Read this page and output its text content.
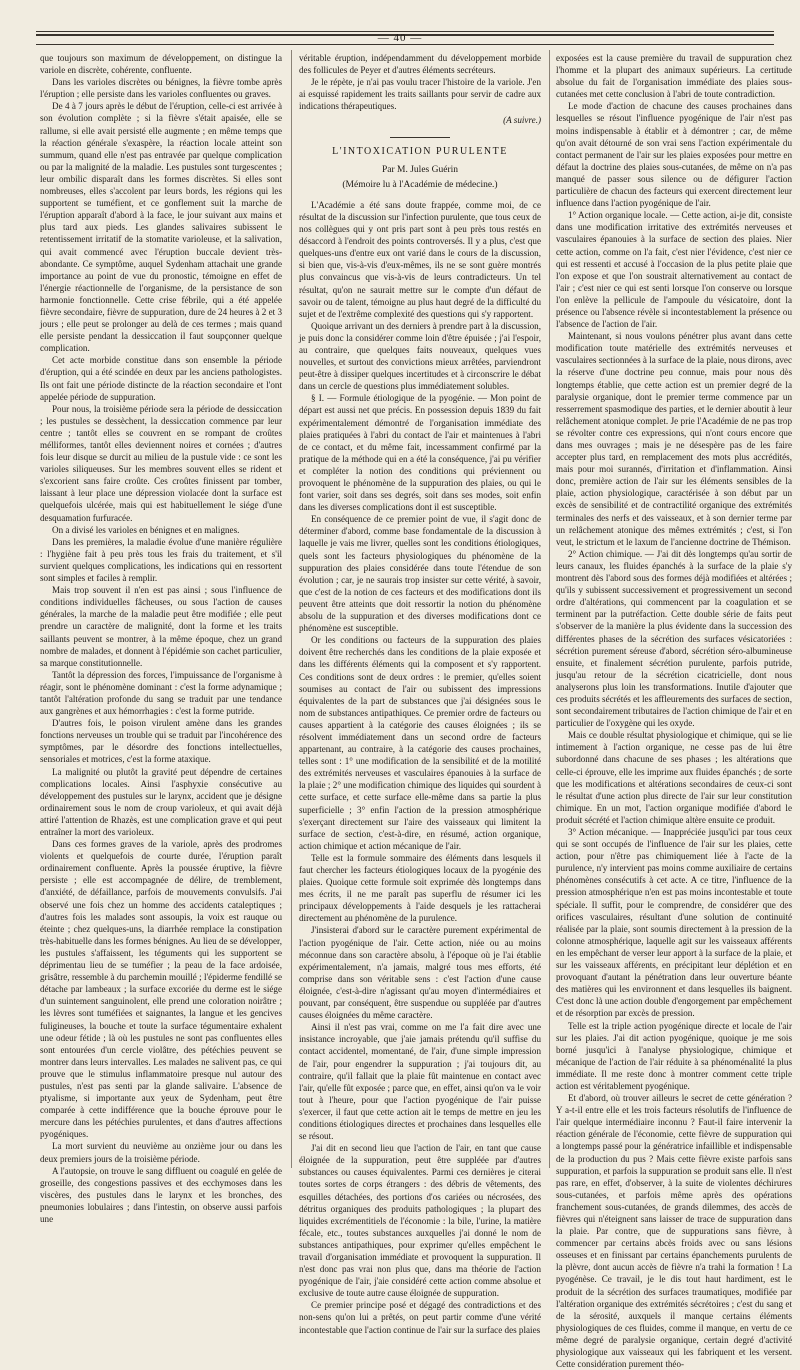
— 40 —

que toujours son maximum de développement, on distingue la variole en discrète, cohérente, confluente.

Dans les varioles discrètes ou bénignes, la fièvre tombe après l'éruption ; elle persiste dans les varioles confluentes ou graves.

De 4 à 7 jours après le début de l'éruption, celle-ci est arrivée à son évolution complète ; si la fièvre s'était apaisée, elle se rallume, si elle avait persisté elle augmente ; en même temps que la réaction générale s'exaspère, la réaction locale atteint son summum, quand elle n'est pas entravée par quelque complication ou par la malignité de la maladie. Les pustules sont turgescentes ; leur ombilic disparaît dans les formes discrètes. Si elles sont nombreuses, elles s'accolent par leurs bords, les régions qui les supportent se tuméfient, et ce gonflement suit la marche de l'éruption apparaît d'abord à la face, le jour suivant aux mains et plus tard aux pieds. Les glandes salivaires subissent le retentissement irritatif de la stomatite varioleuse, et la salivation, qui avait commencé avec l'éruption buccale devient très-abondante. Ce symptôme, auquel Sydenham attachait une grande importance au point de vue du pronostic, témoigne en effet de l'énergie réactionnelle de l'organisme, de la persistance de son harmonie fonctionnelle. Cette crise fébrile, qui a été appelée fièvre secondaire, fièvre de suppuration, dure de 24 heures à 2 et 3 jours ; elle peut se prolonger au delà de ces termes ; mais quand elle persiste pendant la dessiccation il faut soupçonner quelque complication.

Cet acte morbide constitue dans son ensemble la période d'éruption, qui a été scindée en deux par les anciens pathologistes. Ils ont fait une période distincte de la réaction secondaire et l'ont appelée période de suppuration.

Pour nous, la troisième période sera la période de dessiccation ; les pustules se dessèchent, la dessiccation commence par leur centre ; tantôt elles se couvrent en se rompant de croûtes mélliformes, tantôt elles deviennent noires et cornées ; d'autres fois leur disque se durcit au milieu de la pustule vide : ce sont les varioles siliqueuses. Sur les membres souvent elles se rident et s'excorient sans faire croûte. Ces croûtes finissent par tomber, laissant à leur place une dépression violacée dont la surface est quelquefois ulcérée, mais qui est habituellement le siége d'une desquamation furfuracée.

On a divisé les varioles en bénignes et en malignes.

Dans les premières, la maladie évolue d'une manière régulière : l'hygiène fait à peu près tous les frais du traitement, et s'il survient quelques complications, les indications qui en ressortent sont simples et faciles à remplir.

Mais trop souvent il n'en est pas ainsi ; sous l'influence de conditions individuelles fâcheuses, ou sous l'action de causes générales, la marche de la maladie peut être modifiée ; elle peut prendre un caractère de malignité, dont la forme et les traits saillants peuvent se montrer, à la même époque, chez un grand nombre de malades, et donnent à l'épidémie son cachet particulier, sa marque constitutionnelle.

Tantôt la dépression des forces, l'impuissance de l'organisme à réagir, sont le phénomène dominant : c'est la forme adynamique ; tantôt l'altération profonde du sang se traduit par une tendance aux gangrènes et aux hémorrhagies : c'est la forme putride.

D'autres fois, le poison virulent amène dans les grandes fonctions nerveuses un trouble qui se traduit par l'incohérence des symptômes, par le désordre des fonctions intellectuelles, sensoriales et motrices, c'est la forme ataxique.

La malignité ou plutôt la gravité peut dépendre de certaines complications locales. Ainsi l'asphyxie consécutive au développement des pustules sur le larynx, accident que je désigne ordinairement sous le nom de croup varioleux, et qui avait déjà attiré l'attention de Rhazès, est une complication grave et qui peut entraîner la mort des varioleux.

Dans ces formes graves de la variole, après des prodromes violents et quelquefois de courte durée, l'éruption paraît ordinairement confluente. Après la poussée éruptive, la fièvre persiste ; elle est accompagnée de délire, de tremblement, d'anxiété, de défaillance, parfois de mouvements convulsifs. J'ai observé une fois chez un homme des accidents cataleptiques ; d'autres fois les malades sont assoupis, la voix est rauque ou éteinte ; chez quelques-uns, la diarrhée remplace la constipation très-habituelle dans les formes bénignes. Au lieu de se développer, les pustules s'affaissent, les téguments qui les supportent se déprimentau lieu de se tuméfier ; la peau de la face ardoisée, grisâtre, ressemble à du parchemin mouillé ; l'épiderme fendillé se détache par lambeaux ; la surface excoriée du derme est le siége d'un suintement sanguinolent, elle prend une coloration noirâtre ; les lèvres sont tuméfiées et saignantes, la langue et les gencives fuligineuses, la bouche et toute la surface tégumentaire exhalent une odeur fétide ; là où les pustules ne sont pas confluentes elles sont entourées d'un cercle violâtre, des pétéchies peuvent se montrer dans leurs intervalles. Les malades ne salivent pas, ce qui prouve que le stimulus inflammatoire presque nul autour des pustules, n'est pas senti par la glande salivaire. L'absence de ptyalisme, si importante aux yeux de Sydenham, peut être comparée à cette indifférence que la bouche éprouve pour le mercure dans les pétéchies purulentes, et dans d'autres affections pyogéniques.

La mort survient du neuvième au onzième jour ou dans les deux premiers jours de la troisième période.

A l'autopsie, on trouve le sang diffluent ou coagulé en gelée de groseille, des congestions passives et des ecchymoses dans les viscères, des pustules dans le larynx et les bronches, des pneumonies lobulaires ; dans l'intestin, on observe aussi parfois une

véritable éruption, indépendamment du développement morbide des follicules de Peyer et d'autres éléments secréteurs.

Je le répète, je n'ai pas voulu tracer l'histoire de la variole. J'en ai esquissé rapidement les traits saillants pour servir de cadre aux indications thérapeutiques.

(A suivre.)
L'INTOXICATION PURULENTE
Par M. Jules Guérin
(Mémoire lu à l'Académie de médecine.)

L'Académie a été sans doute frappée, comme moi, de ce résultat de la discussion sur l'infection purulente, que tous ceux de nos collègues qui y ont pris part sont à peu près tous restés en désaccord à l'endroit des points controversés. Il y a plus, c'est que quelques-uns d'entre eux ont varié dans le cours de la discussion, si bien que, vis-à-vis d'eux-mêmes, ils ne se sont guère montrés plus convaincus que vis-à-vis de leurs contradicteurs. Un tel résultat, qu'on ne saurait mettre sur le compte d'un défaut de savoir ou de talent, témoigne au plus haut degré de la difficulté du sujet et de l'extrême complexité des questions qui s'y rapportent.

Quoique arrivant un des derniers à prendre part à la discussion, je puis donc la considérer comme loin d'être épuisée ; j'ai l'espoir, au contraire, que quelques faits nouveaux, quelques vues nouvelles, et surtout des convictions mieux arrêtées, parviendront peut-être à dissiper quelques incertitudes et à circonscrire le débat dans un cercle de questions plus immédiatement solubles.

§ I. — Formule étiologique de la pyogénie. — Mon point de départ est aussi net que précis. En possession depuis 1839 du fait expérimentalement démontré de l'organisation immédiate des plaies pratiquées à l'abri du contact de l'air et maintenues à l'abri de ce contact, et du même fait, incessamment confirmé par la pratique de la méthode qui en a été la conséquence, j'ai pu vérifier et compléter la notion des conditions qui préviennent ou provoquent le phénomène de la suppuration des plaies, ou qui le font varier, soit dans ses degrés, soit dans ses modes, soit enfin dans les diverses complications dont il est susceptible.

En conséquence de ce premier point de vue, il s'agit donc de déterminer d'abord, comme base fondamentale de la discussion à laquelle je vais me livrer, quelles sont les conditions étiologiques, quels sont les facteurs physiologiques du phénomène de la suppuration des plaies considérée dans toute l'étendue de son évolution ; car, je ne saurais trop insister sur cette vérité, à savoir, que c'est de la notion de ces facteurs et des modifications dont ils peuvent être atteints que doit ressortir la notion du phénomène absolu de la suppuration et des diverses modifications dont ce phénomène est susceptible.

Or les conditions ou facteurs de la suppuration des plaies doivent être recherchés dans les conditions de la plaie exposée et dans les différents éléments qui la composent et s'y rapportent. Ces conditions sont de deux ordres : le premier, qu'elles soient soumises au contact de l'air ou subissent des impressions équivalentes de la part de substances que j'ai désignées sous le nom de substances antipathiques. Ce premier ordre de facteurs ou causes appartient à la catégorie des causes éloignées ; ils se résolvent immédiatement dans un second ordre de facteurs appartenant, au contraire, à la catégorie des causes prochaines, telles sont : 1° une modification de la sensibilité et de la motilité des extrémités nerveuses et vasculaires épanouies à la surface de la plaie ; 2° une modification chimique des liquides qui sourdent à cette surface, et cette surface elle-même dans sa partie la plus superficielle ; 3° enfin l'action de la pression atmosphérique s'exerçant directement sur l'aire des vaisseaux qui limitent la surface de section, c'est-à-dire, en résumé, action organique, action chimique et action mécanique de l'air.

Telle est la formule sommaire des éléments dans lesquels il faut chercher les facteurs étiologiques locaux de la pyogénie des plaies. Quoique cette formule soit exprimée dès longtemps dans mes écrits, il ne me paraît pas superflu de résumer ici les principaux développements à l'aide desquels je les rattacherai directement au phénomène de la purulence.

J'insisterai d'abord sur le caractère purement expérimental de l'action pyogénique de l'air. Cette action, niée ou au moins méconnue dans son caractère absolu, à l'époque où je l'ai établie expérimentalement, n'a jamais, malgré tous mes efforts, été comprise dans son véritable sens : c'est l'action d'une cause éloignée, c'est-à-dire n'agissant qu'au moyen d'intermédiaires et pouvant, par conséquent, être suspendue ou suppléée par d'autres causes éloignées du même caractère.

Ainsi il n'est pas vrai, comme on me l'a fait dire avec une insistance incroyable, que j'aie jamais prétendu qu'il suffise du contact accidentel, momentané, de l'air, d'une simple impression de l'air, pour engendrer la suppuration ; j'ai toujours dit, au contraire, qu'il fallait que la plaie fût maintenue en contact avec l'air, qu'elle fût exposée ; parce que, en effet, ainsi qu'on va le voir tout à l'heure, pour que l'action pyogénique de l'air puisse s'exercer, il faut que cette action ait le temps de mettre en jeu les conditions étiologiques directes et prochaines dans lesquelles elle se résout.

J'ai dit en second lieu que l'action de l'air, en tant que cause éloignée de la suppuration, peut être suppléée par d'autres substances ou causes équivalentes. Parmi ces dernières je citerai toutes sortes de corps étrangers : des débris de vêtements, des esquilles détachées, des portions d'os cariées ou nécrosées, des détritus organiques des produits pathologiques ; la plupart des liquides excrémentitiels de l'économie : la bile, l'urine, la matière fécale, etc., toutes substances auxquelles j'ai donné le nom de substances antipathiques, pour exprimer qu'elles empêchent le travail d'organisation immédiate et provoquent la suppuration. Il n'est donc pas vrai non plus que, dans ma théorie de l'action pyogénique de l'air, j'aie considéré cette action comme absolue et exclusive de toute autre cause éloignée de suppuration.

Ce premier principe posé et dégagé des contradictions et des non-sens qu'on lui a prêtés, on peut partir comme d'une vérité incontestable que l'action continue de l'air sur la surface des plaies

exposées est la cause première du travail de suppuration chez l'homme et la plupart des animaux supérieurs. La certitude absolue du fait de l'organisation immédiate des plaies sous-cutanées met cette conclusion à l'abri de toute contradiction.

Le mode d'action de chacune des causes prochaines dans lesquelles se résout l'influence pyogénique de l'air n'est pas moins indispensable à établir et à démontrer ; car, de même qu'on avait détourné de son vrai sens l'action expérimentale du contact permanent de l'air sur les plaies exposées pour mettre en défaut la doctrine des plaies sous-cutanées, de même on n'a pas manqué de passer sous silence ou de défigurer l'action particulière de chacun des facteurs qui exercent directement leur influence dans l'action pyogénique de l'air.

1° Action organique locale. — Cette action, ai-je dit, consiste dans une modification irritative des extrémités nerveuses et vasculaires épanouies à la surface de section des plaies. Nier cette action, comme on l'a fait, c'est nier l'évidence, c'est nier ce qui est ressenti et accusé à l'occasion de la plus petite plaie que l'on expose et que l'on soustrait alternativement au contact de l'air ; c'est nier ce qui est senti lorsque l'on conserve ou lorsque l'on enlève la pellicule de l'ampoule du vésicatoire, dont la présence ou l'absence révèle si incontestablement la présence ou l'absence de l'action de l'air.

Maintenant, si nous voulons pénétrer plus avant dans cette modification toute matérielle des extrémités nerveuses et vasculaires sectionnées à la surface de la plaie, nous dirons, avec la réserve d'une doctrine peu connue, mais pour nous dès longtemps établie, que cette action est un premier degré de la paralysie organique, dont le premier terme commence par un resserrement spasmodique des parties, et le dernier aboutit à leur relâchement atonique complet. Je prie l'Académie de ne pas trop se révolter contre ces expressions, qui n'ont cours encore que dans mes ouvrages ; mais je ne désespère pas de les faire accepter plus tard, en remplacement des mots plus accrédités, mais pour moi surannés, d'irritation et d'inflammation. Ainsi donc, première action de l'air sur les éléments sensibles de la plaie, action physiologique, caractérisée à son début par un excès de sensibilité et de contractilité organique des extrémités terminales des nerfs et des vaisseaux, et à son dernier terme par un relâchement atonique des mêmes extrémités ; c'est, si l'on veut, le strictum et le laxum de l'ancienne doctrine de Thémison.

2° Action chimique. — J'ai dit dès longtemps qu'au sortir de leurs canaux, les fluides épanchés à la surface de la plaie s'y montrent dès l'abord sous des formes déjà modifiées et altérées ; qu'ils y subissent successivement et progressivement un second ordre d'altérations, qui commencent par la coagulation et se terminent par la putréfaction. Cette double série de faits peut s'observer de la manière la plus évidente dans la succession des différentes phases de la sécrétion des surfaces vésicatoriées : sécrétion purement séreuse d'abord, sécrétion séro-albumineuse ensuite, et finalement sécrétion purulente, parfois putride, jusqu'au retour de la sécrétion cicatricielle, dont nous analyserons plus loin les transformations. Inutile d'ajouter que ces produits sécrétés et les affleurements des surfaces de section, sont secondairement tributaires de l'action chimique de l'air et en particulier de l'oxygène qui les oxyde.

Mais ce double résultat physiologique et chimique, qui se lie intimement à l'action organique, ne cesse pas de lui être subordonné dans chacune de ses phases ; les altérations que celle-ci éprouve, elle les imprime aux fluides épanchés ; de sorte que les modifications et altérations secondaires de ceux-ci sont le résultat d'une action plus directe de l'air sur leur constitution chimique. En un mot, l'action organique modifiée d'abord le produit sécrété et l'action chimique altère ensuite ce produit.

3° Action mécanique. — Inappréciée jusqu'ici par tous ceux qui se sont occupés de l'influence de l'air sur les plaies, cette action, pour n'être pas chimiquement liée à l'acte de la purulence, n'y intervient pas moins comme auxiliaire de certains phénomènes consécutifs à cet acte. A ce titre, l'influence de la pression atmosphérique n'en est pas moins incontestable et toute spéciale. Il suffit, pour le comprendre, de considérer que des orifices vasculaires, résultant d'une solution de continuité réalisée par la plaie, sont soumis directement à la pression de la colonne atmosphérique, laquelle agit sur les vaisseaux afférents en les empêchant de verser leur apport à la surface de la plaie, et sur les vaisseaux afférents, en précipitant leur déplétion et en provoquant d'autant la pénétration dans leur ouverture béante des matières qui les environnent et dans lesquelles ils baignent. C'est donc là une action double d'engorgement par empêchement et de résorption par excès de pression.

Telle est la triple action pyogénique directe et locale de l'air sur les plaies. J'ai dit action pyogénique, quoique je me sois borné jusqu'ici à l'analyse physiologique, chimique et mécanique de l'action de l'air réduite à sa phénoménalité la plus immédiate. Il me reste donc à montrer comment cette triple action est véritablement pyogénique.

Et d'abord, où trouver ailleurs le secret de cette génération ? Y a-t-il entre elle et les trois facteurs résolutifs de l'influence de l'air quelque intermédiaire inconnu ? Faut-il faire intervenir la réaction générale de l'économie, cette fièvre de suppuration qui a longtemps passé pour la génératrice infaillible et indispensable de la production du pus ? Mais cette fièvre existe parfois sans suppuration, et parfois la suppuration se produit sans elle. Il n'est pas rare, en effet, d'observer, à la suite de violentes déchirures sous-cutanées, et parfois même après des opérations franchement sous-cutanées, de grands dilemmes, des accès de fièvres qui n'éteignent sans laisser de trace de suppuration dans la plaie. Par contre, que de suppurations sans fièvre, à commencer par certains abcès froids avec ou sans lésions osseuses et en finissant par certains épanchements purulents de la plèvre, dont aucun accès de fièvre n'a trahi la formation ! La pyogénèse. Ce travail, je le dis tout haut hardiment, est le produit de la sécrétion des surfaces traumatiques, modifiée par l'altération organique des extrémités sécrétoires ; c'est du sang et de la sérosité, auxquels il manque certains éléments physiologiques de ces fluides, comme il manque, en vertu de ce même degré de paralysie organique, certain degré d'activité physiologique aux vaisseaux qui les fabriquent et les versent. Cette considération purement théo-
